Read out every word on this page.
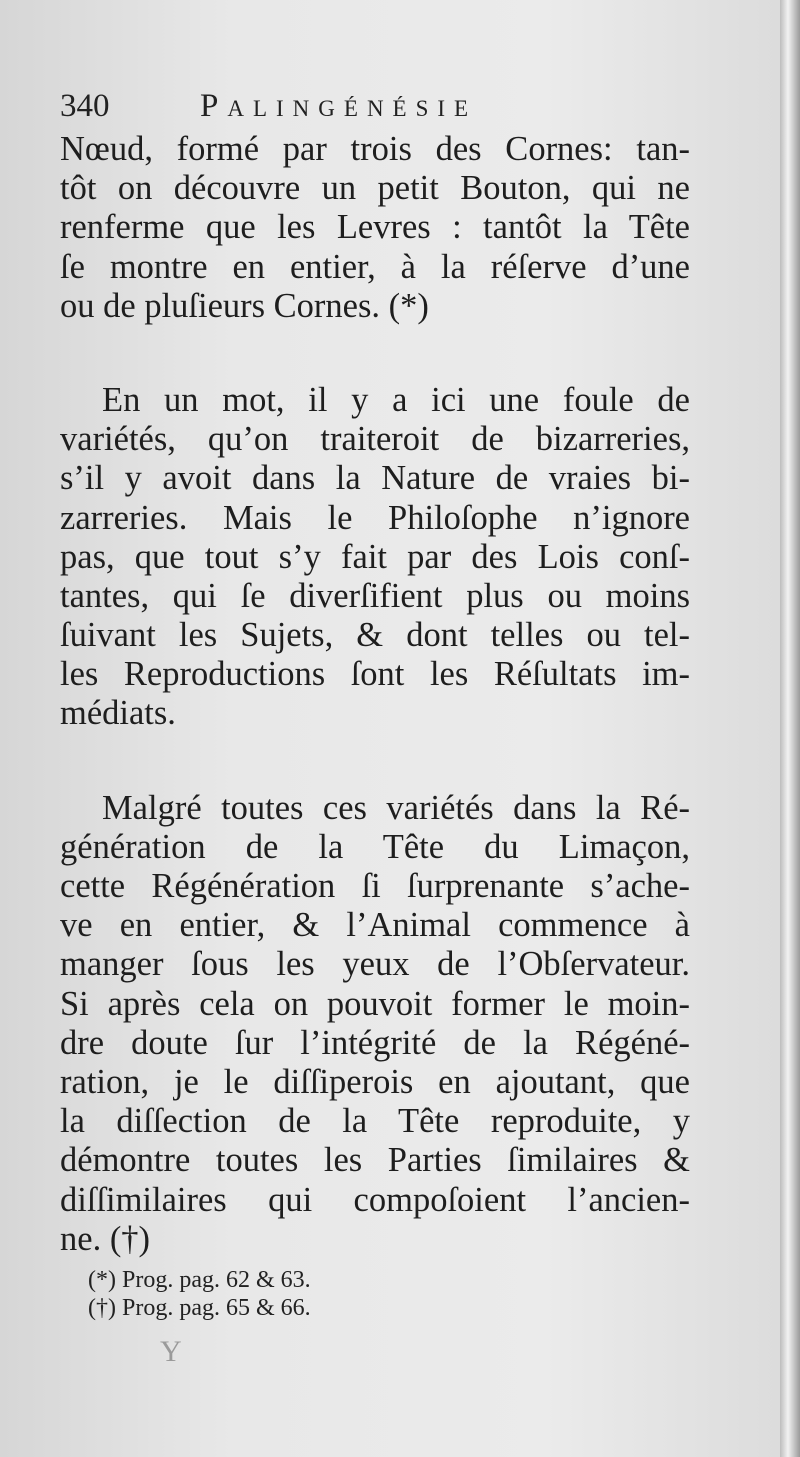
340	Palingénésie
Nœud, formé par trois des Cornes: tan-
tôt on découvre un petit Bouton, qui ne
renferme que les Levres : tantôt la Tête
ſe montre en entier, à la réſerve d’une
ou de pluſieurs Cornes. (*)
En un mot, il y a ici une foule de
variétés, qu’on traiteroit de bizarreries,
s’il y avoit dans la Nature de vraies bi-
zarreries. Mais le Philoſophe n’ignore
pas, que tout s’y fait par des Lois conſ-
tantes, qui ſe diverſifient plus ou moins
ſuivant les Sujets, & dont telles ou tel-
les Reproductions ſont les Réſultats im-
médiats.
Malgré toutes ces variétés dans la Ré-
génération de la Tête du Limaçon,
cette Régénération ſi ſurprenante s’ache-
ve en entier, & l’Animal commence à
manger ſous les yeux de l’Obſervateur.
Si après cela on pouvoit former le moin-
dre doute ſur l’intégrité de la Régéné-
ration, je le diſſiperois en ajoutant, que
la diſſection de la Tête reproduite, y
démontre toutes les Parties ſimilaires &
diſſimilaires qui compoſoient l’ancien-
ne. (†)
(*) Prog. pag. 62 & 63.
(†) Prog. pag. 65 & 66.
Y
